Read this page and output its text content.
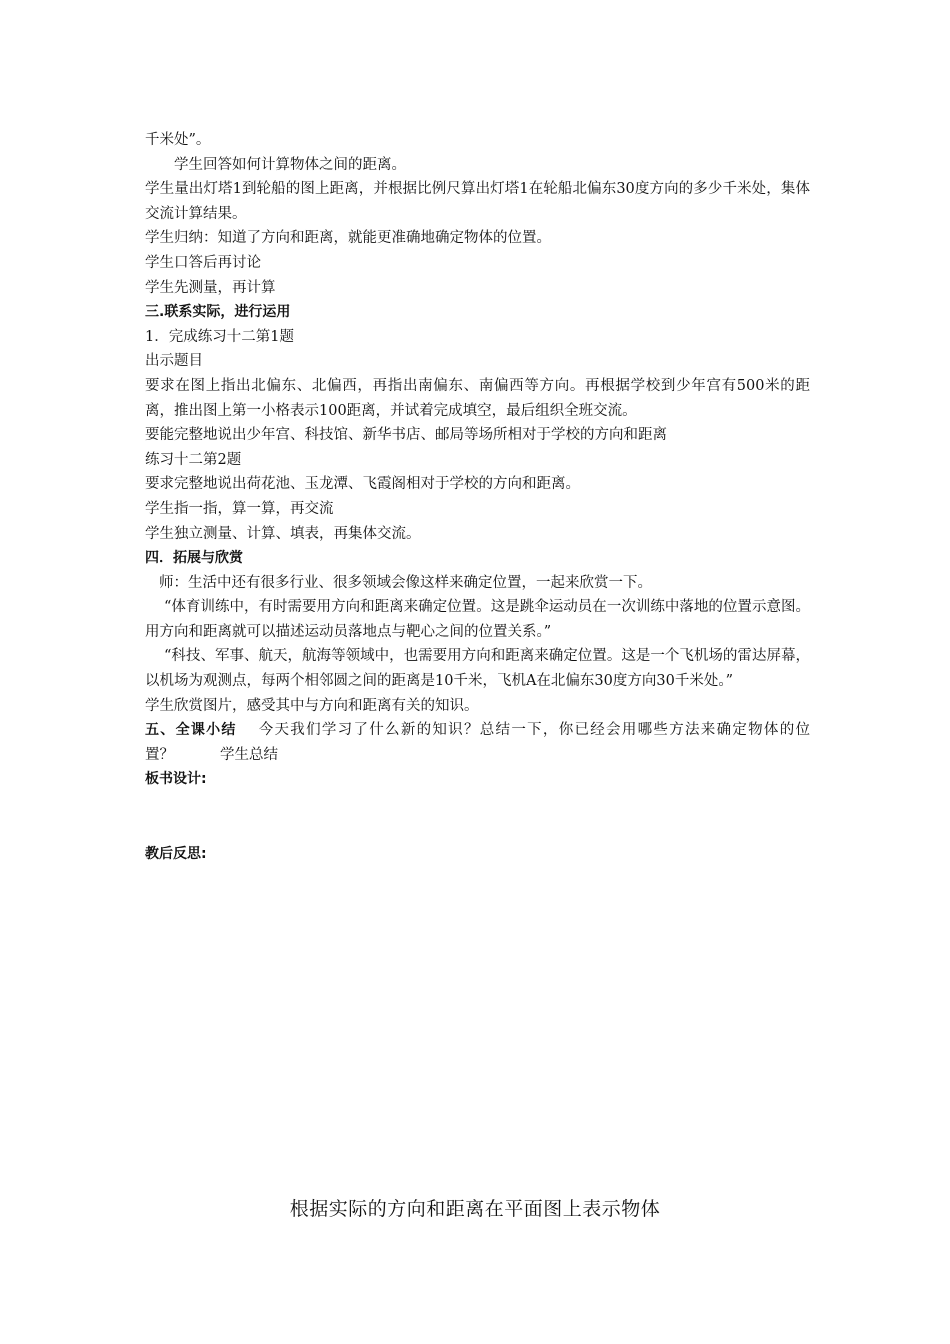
千米处”。
学生回答如何计算物体之间的距离。
学生量出灯塔1到轮船的图上距离，并根据比例尺算出灯塔1在轮船北偏东30度方向的多少千米处，集体交流计算结果。
学生归纳：知道了方向和距离，就能更准确地确定物体的位置。
学生口答后再讨论
学生先测量，再计算
三.联系实际，进行运用
1．完成练习十二第1题
出示题目
要求在图上指出北偏东、北偏西，再指出南偏东、南偏西等方向。再根据学校到少年宫有500米的距离，推出图上第一小格表示100距离，并试着完成填空，最后组织全班交流。
要能完整地说出少年宫、科技馆、新华书店、邮局等场所相对于学校的方向和距离
练习十二第2题
要求完整地说出荷花池、玉龙潭、飞霞阁相对于学校的方向和距离。
学生指一指，算一算，再交流
学生独立测量、计算、填表，再集体交流。
四．拓展与欣赏
师：生活中还有很多行业、很多领域会像这样来确定位置，一起来欣赏一下。
“体育训练中，有时需要用方向和距离来确定位置。这是跳伞运动员在一次训练中落地的位置示意图。用方向和距离就可以描述运动员落地点与靶心之间的位置关系。”
“科技、军事、航天，航海等领域中，也需要用方向和距离来确定位置。这是一个飞机场的雷达屏幕，以机场为观测点，每两个相邻圆之间的距离是10千米，飞机A在北偏东30度方向30千米处。”
学生欣赏图片，感受其中与方向和距离有关的知识。
五、全课小结 今天我们学习了什么新的知识？总结一下，你已经会用哪些方法来确定物体的位置？	学生总结
板书设计:
教后反思:
根据实际的方向和距离在平面图上表示物体
